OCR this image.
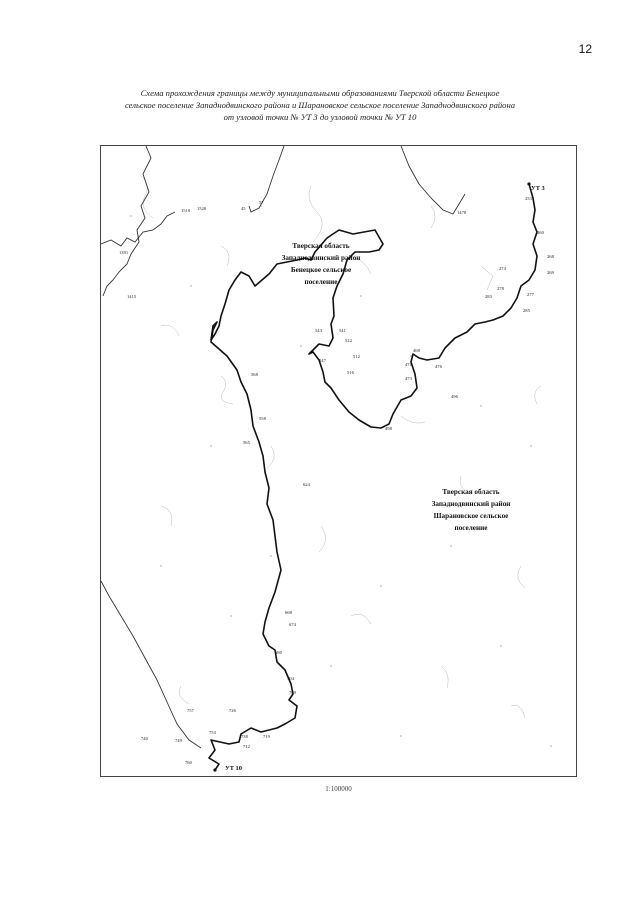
12
Схема прохождения границы между муниципальными образованиями Тверской области Бенецкое
сельское поселение Западнодвинского района и Шарановское сельское поселение Западнодвинского района
от узловой точки № УТ 3 до узловой точки № УТ 10
253
260
268
269
274
278
277
283
285
468
476
471
473
496
498
512
516
522
541
543
547
558
565
568
624
668
674
680
704
709
712
719
726
738
740	749
753
757
760
1391
1415
1510 1520
1478
45
57
УТ 3
УТ 10
Тверская область
Западнодвинский район
Бенецкое сельское
поселение
Тверская область
Западнодвинский район
Шарановское сельское
поселение
1:100000
